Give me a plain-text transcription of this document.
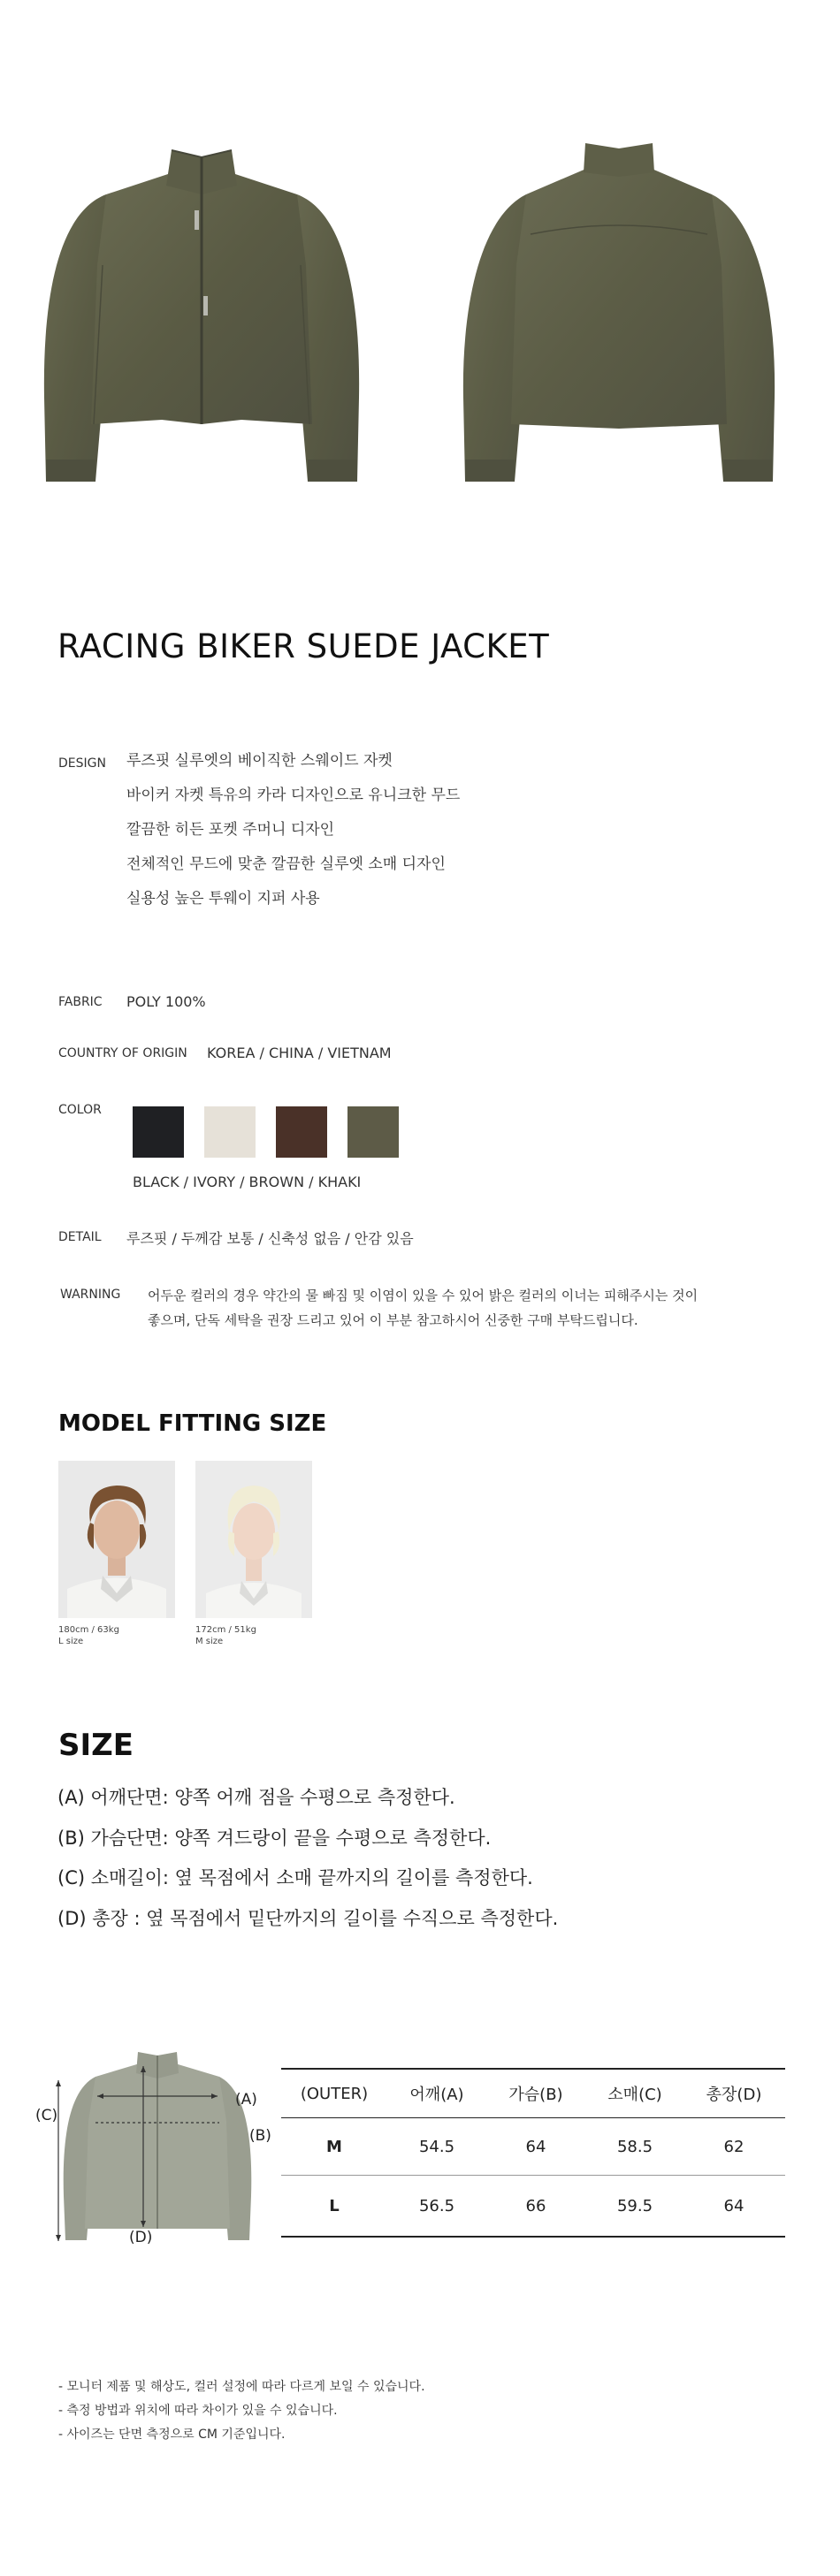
RACING BIKER SUEDE JACKET
DESIGN 루즈핏 실루엣의 베이직한 스웨이드 자켓
바이커 자켓 특유의 카라 디자인으로 유니크한 무드
깔끔한 히든 포켓 주머니 디자인
전체적인 무드에 맞춘 깔끔한 실루엣 소매 디자인
실용성 높은 투웨이 지퍼 사용
FABRIC POLY 100%
COUNTRY OF ORIGIN KOREA / CHINA / VIETNAM
COLOR
BLACK / IVORY / BROWN / KHAKI
DETAIL 루즈핏 / 두께감 보통 / 신축성 없음 / 안감 있음
WARNING 어두운 컬러의 경우 약간의 물 빠짐 및 이염이 있을 수 있어 밝은 컬러의 이너는 피해주시는 것이
좋으며, 단독 세탁을 권장 드리고 있어 이 부분 참고하시어 신중한 구매 부탁드립니다.
MODEL FITTING SIZE
180cm / 63kg
L size
172cm / 51kg
M size
SIZE
(A) 어깨단면: 양쪽 어깨 점을 수평으로 측정한다.
(B) 가슴단면: 양쪽 겨드랑이 끝을 수평으로 측정한다.
(C) 소매길이: 옆 목점에서 소매 끝까지의 길이를 측정한다.
(D) 총장 : 옆 목점에서 밑단까지의 길이를 수직으로 측정한다.
(A)
(B)
(C)
(D)
(OUTER)	어깨(A)	가슴(B)	소매(C)	총장(D)
M	54.5	64	58.5	62
L	56.5	66	59.5	64
- 모니터 제품 및 해상도, 컬러 설정에 따라 다르게 보일 수 있습니다.
- 측정 방법과 위치에 따라 차이가 있을 수 있습니다.
- 사이즈는 단면 측정으로 CM 기준입니다.
